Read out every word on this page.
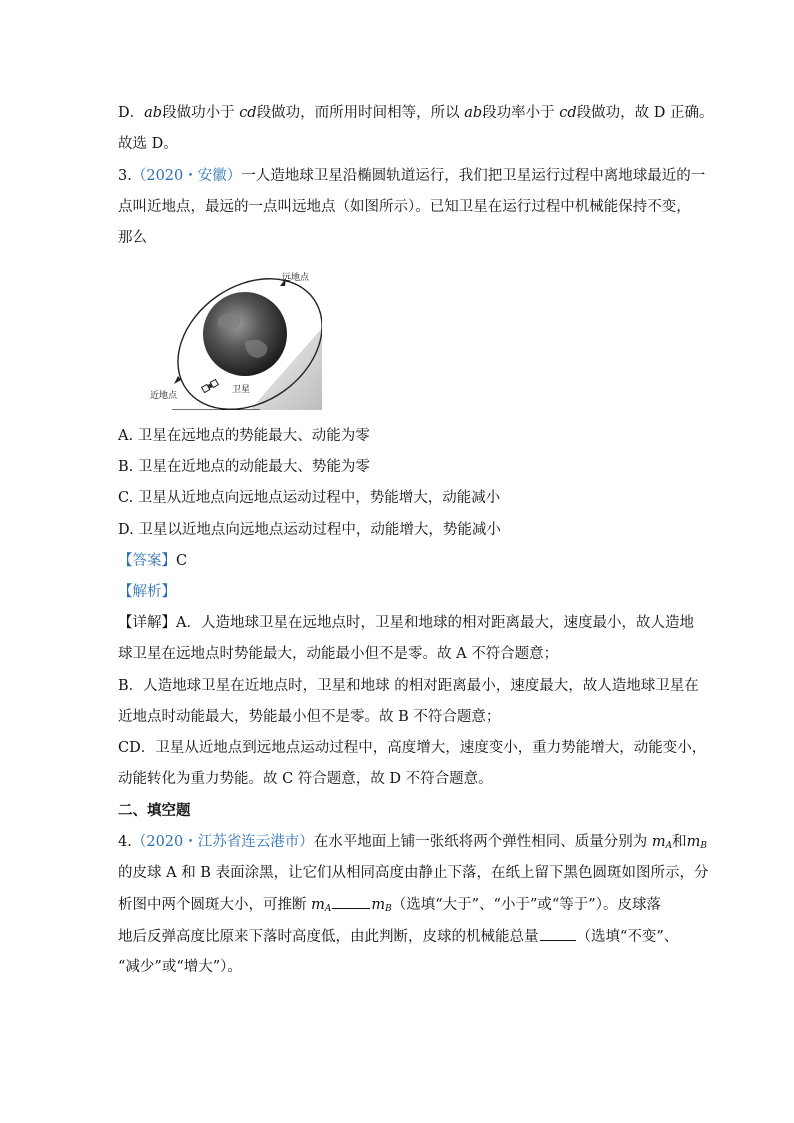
D．ab段做功小于 cd段做功，而所用时间相等，所以 ab段功率小于 cd段做功，故 D 正确。
故选 D。
3.（2020・安徽）一人造地球卫星沿椭圆轨道运行，我们把卫星运行过程中离地球最近的一
点叫近地点，最远的一点叫远地点（如图所示）。已知卫星在运行过程中机械能保持不变，
那么
远地点
近地点
卫星
A. 卫星在远地点的势能最大、动能为零
B. 卫星在近地点的动能最大、势能为零
C. 卫星从近地点向远地点运动过程中，势能增大，动能减小
D. 卫星以近地点向远地点运动过程中，动能增大，势能减小
【答案】C
【解析】
【详解】A．人造地球卫星在远地点时，卫星和地球的相对距离最大，速度最小，故人造地
球卫星在远地点时势能最大，动能最小但不是零。故 A 不符合题意；
B．人造地球卫星在近地点时，卫星和地球 的相对距离最小，速度最大，故人造地球卫星在
近地点时动能最大，势能最小但不是零。故 B 不符合题意；
CD．卫星从近地点到远地点运动过程中，高度增大，速度变小，重力势能增大，动能变小，
动能转化为重力势能。故 C 符合题意，故 D 不符合题意。
二、填空题
4.（2020・江苏省连云港市）在水平地面上铺一张纸将两个弹性相同、质量分别为 $m_A$和$m_B$
的皮球 A 和 B 表面涂黑，让它们从相同高度由静止下落，在纸上留下黑色圆斑如图所示，分
析图中两个圆斑大小，可推断 $m_A$	$m_B$（选填“大于”、“小于”或“等于”）。皮球落
地后反弹高度比原来下落时高度低，由此判断，皮球的机械能总量	（选填“不变”、
“减少”或“增大”）。
